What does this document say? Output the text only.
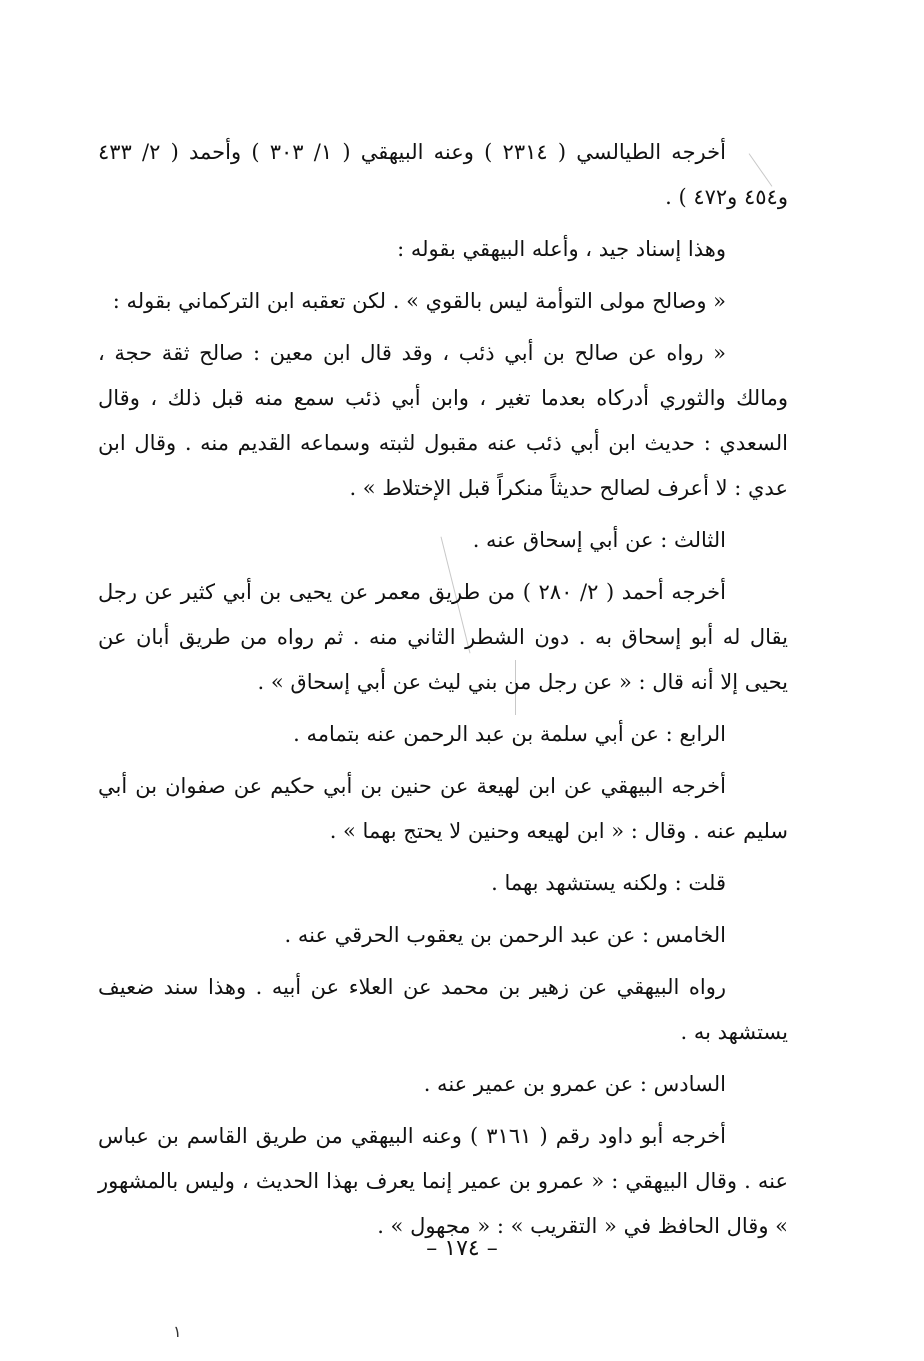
أخرجه الطيالسي ( ٢٣١٤ ) وعنه البيهقي ( ١/ ٣٠٣ ) وأحمد ( ٢/ ٤٣٣ و٤٥٤ و٤٧٢ ) .

وهذا إسناد جيد ، وأعله البيهقي بقوله :

« وصالح مولى التوأمة ليس بالقوي » . لكن تعقبه ابن التركماني بقوله :

« رواه عن صالح بن أبي ذئب ، وقد قال ابن معين : صالح ثقة حجة ، ومالك والثوري أدركاه بعدما تغير ، وابن أبي ذئب سمع منه قبل ذلك ، وقال السعدي : حديث ابن أبي ذئب عنه مقبول لثبته وسماعه القديم منه . وقال ابن عدي : لا أعرف لصالح حديثاً منكراً قبل الإختلاط » .

الثالث : عن أبي إسحاق عنه .

أخرجه أحمد ( ٢/ ٢٨٠ ) من طريق معمر عن يحيى بن أبي كثير عن رجل يقال له أبو إسحاق به . دون الشطر الثاني منه . ثم رواه من طريق أبان عن يحيى إلا أنه قال : « عن رجل من بني ليث عن أبي إسحاق » .

الرابع : عن أبي سلمة بن عبد الرحمن عنه بتمامه .

أخرجه البيهقي عن ابن لهيعة عن حنين بن أبي حكيم عن صفوان بن أبي سليم عنه . وقال : « ابن لهيعه وحنين لا يحتج بهما » .

قلت : ولكنه يستشهد بهما .

الخامس : عن عبد الرحمن بن يعقوب الحرقي عنه .

رواه البيهقي عن زهير بن محمد عن العلاء عن أبيه . وهذا سند ضعيف يستشهد به .

السادس : عن عمرو بن عمير عنه .

أخرجه أبو داود رقم ( ٣١٦١ ) وعنه البيهقي من طريق القاسم بن عباس عنه . وقال البيهقي : « عمرو بن عمير إنما يعرف بهذا الحديث ، وليس بالمشهور » وقال الحافظ في « التقريب » : « مجهول » .

– ١٧٤ –
١
